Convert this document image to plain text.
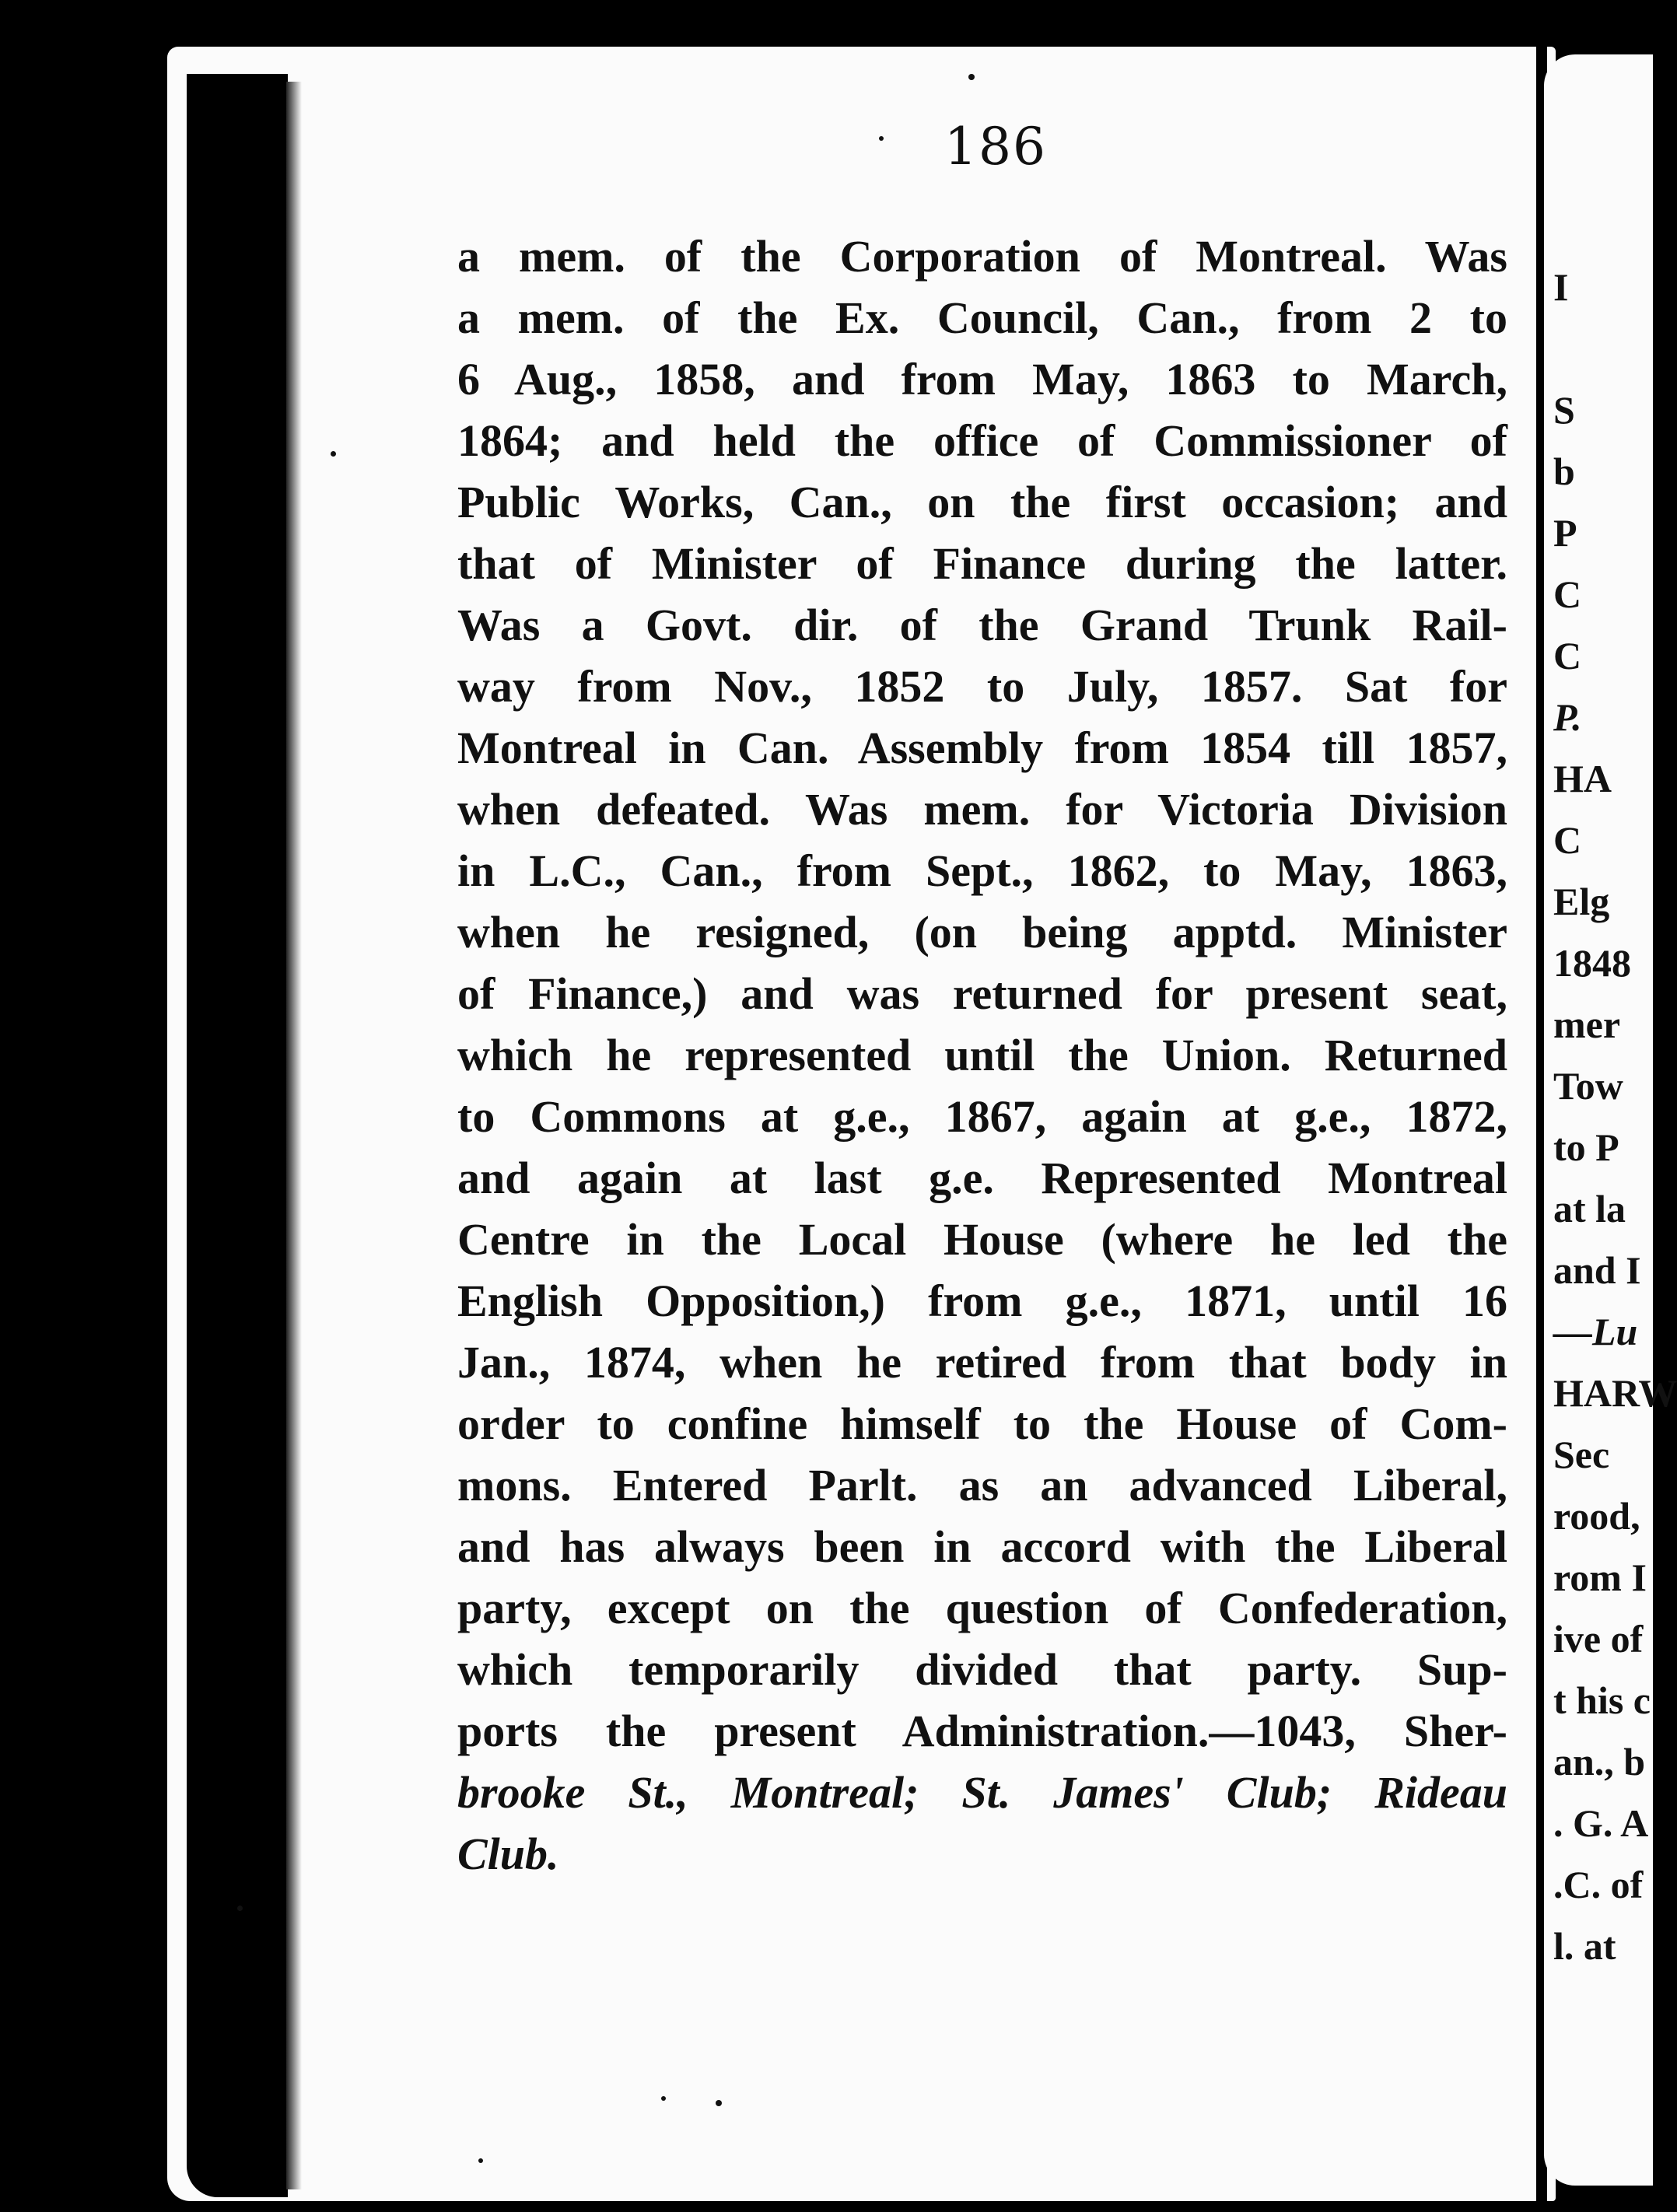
I
S
b
P
C
C
P.
HA
C
Elg
1848
mer
Tow
to P
at la
and I
—Lu
HARW
Sec
rood,
rom I
ive of
t his c
an., b
. G. A
.C. of
l. at
186
a mem. of the Corporation of Montreal. Was
a mem. of the Ex. Council, Can., from 2 to
6 Aug., 1858, and from May, 1863 to March,
1864; and held the office of Commissioner of
Public Works, Can., on the first occasion; and
that of Minister of Finance during the latter.
Was a Govt. dir. of the Grand Trunk Rail-
way from Nov., 1852 to July, 1857. Sat for
Montreal in Can. Assembly from 1854 till 1857,
when defeated. Was mem. for Victoria Division
in L.C., Can., from Sept., 1862, to May, 1863,
when he resigned, (on being apptd. Minister
of Finance,) and was returned for present seat,
which he represented until the Union. Returned
to Commons at g.e., 1867, again at g.e., 1872,
and again at last g.e. Represented Montreal
Centre in the Local House (where he led the
English Opposition,) from g.e., 1871, until 16
Jan., 1874, when he retired from that body in
order to confine himself to the House of Com-
mons. Entered Parlt. as an advanced Liberal,
and has always been in accord with the Liberal
party, except on the question of Confederation,
which temporarily divided that party. Sup-
ports the present Administration.—1043, Sher-
brooke St., Montreal; St. James' Club; Rideau
Club.
